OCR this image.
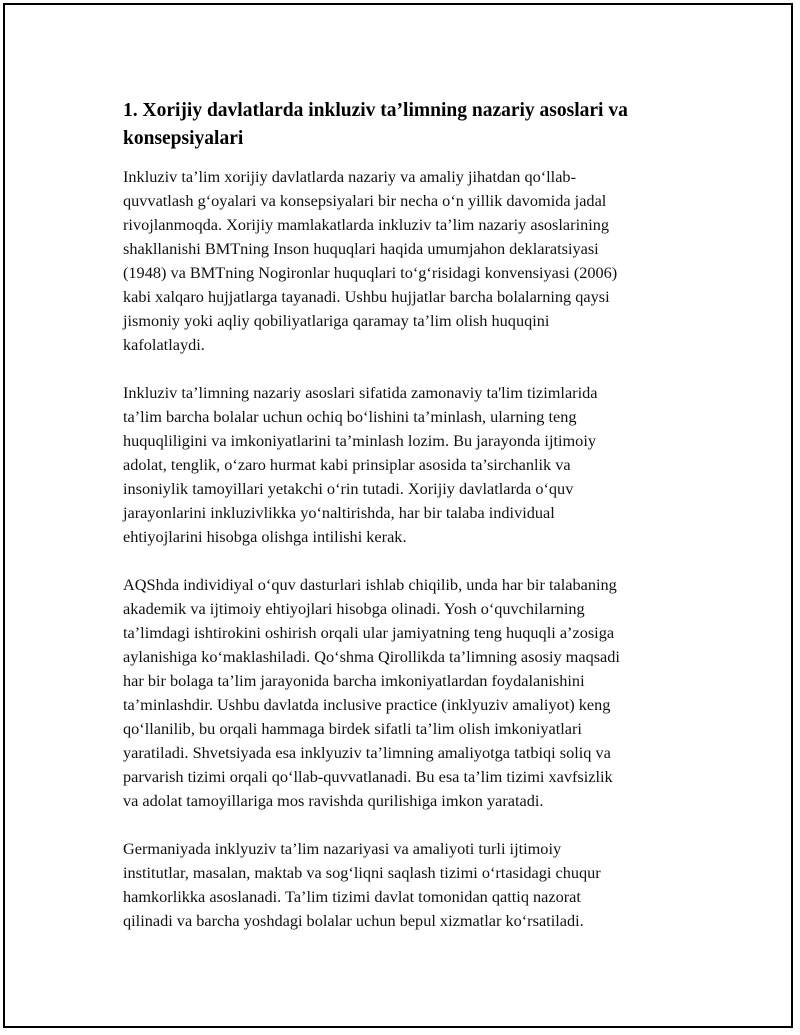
1. Xorijiy davlatlarda inkluziv ta’limning nazariy asoslari va
konsepsiyalari

Inkluziv ta’lim xorijiy davlatlarda nazariy va amaliy jihatdan qo‘llab-
quvvatlash g‘oyalari va konsepsiyalari bir necha o‘n yillik davomida jadal
rivojlanmoqda. Xorijiy mamlakatlarda inkluziv ta’lim nazariy asoslarining
shakllanishi BMTning Inson huquqlari haqida umumjahon deklaratsiyasi
(1948) va BMTning Nogironlar huquqlari to‘g‘risidagi konvensiyasi (2006)
kabi xalqaro hujjatlarga tayanadi. Ushbu hujjatlar barcha bolalarning qaysi
jismoniy yoki aqliy qobiliyatlariga qaramay ta’lim olish huquqini
kafolatlaydi.

Inkluziv ta’limning nazariy asoslari sifatida zamonaviy ta'lim tizimlarida
ta’lim barcha bolalar uchun ochiq bo‘lishini ta’minlash, ularning teng
huquqliligini va imkoniyatlarini ta’minlash lozim. Bu jarayonda ijtimoiy
adolat, tenglik, o‘zaro hurmat kabi prinsiplar asosida ta’sirchanlik va
insoniylik tamoyillari yetakchi o‘rin tutadi. Xorijiy davlatlarda o‘quv
jarayonlarini inkluzivlikka yo‘naltirishda, har bir talaba individual
ehtiyojlarini hisobga olishga intilishi kerak.

AQShda individiyal o‘quv dasturlari ishlab chiqilib, unda har bir talabaning
akademik va ijtimoiy ehtiyojlari hisobga olinadi. Yosh o‘quvchilarning
ta’limdagi ishtirokini oshirish orqali ular jamiyatning teng huquqli a’zosiga
aylanishiga ko‘maklashiladi. Qo‘shma Qirollikda ta’limning asosiy maqsadi
har bir bolaga ta’lim jarayonida barcha imkoniyatlardan foydalanishini
ta’minlashdir. Ushbu davlatda inclusive practice (inklyuziv amaliyot) keng
qo‘llanilib, bu orqali hammaga birdek sifatli ta’lim olish imkoniyatlari
yaratiladi. Shvetsiyada esa inklyuziv ta’limning amaliyotga tatbiqi soliq va
parvarish tizimi orqali qo‘llab-quvvatlanadi. Bu esa ta’lim tizimi xavfsizlik
va adolat tamoyillariga mos ravishda qurilishiga imkon yaratadi.

Germaniyada inklyuziv ta’lim nazariyasi va amaliyoti turli ijtimoiy
institutlar, masalan, maktab va sog‘liqni saqlash tizimi o‘rtasidagi chuqur
hamkorlikka asoslanadi. Ta’lim tizimi davlat tomonidan qattiq nazorat
qilinadi va barcha yoshdagi bolalar uchun bepul xizmatlar ko‘rsatiladi.
